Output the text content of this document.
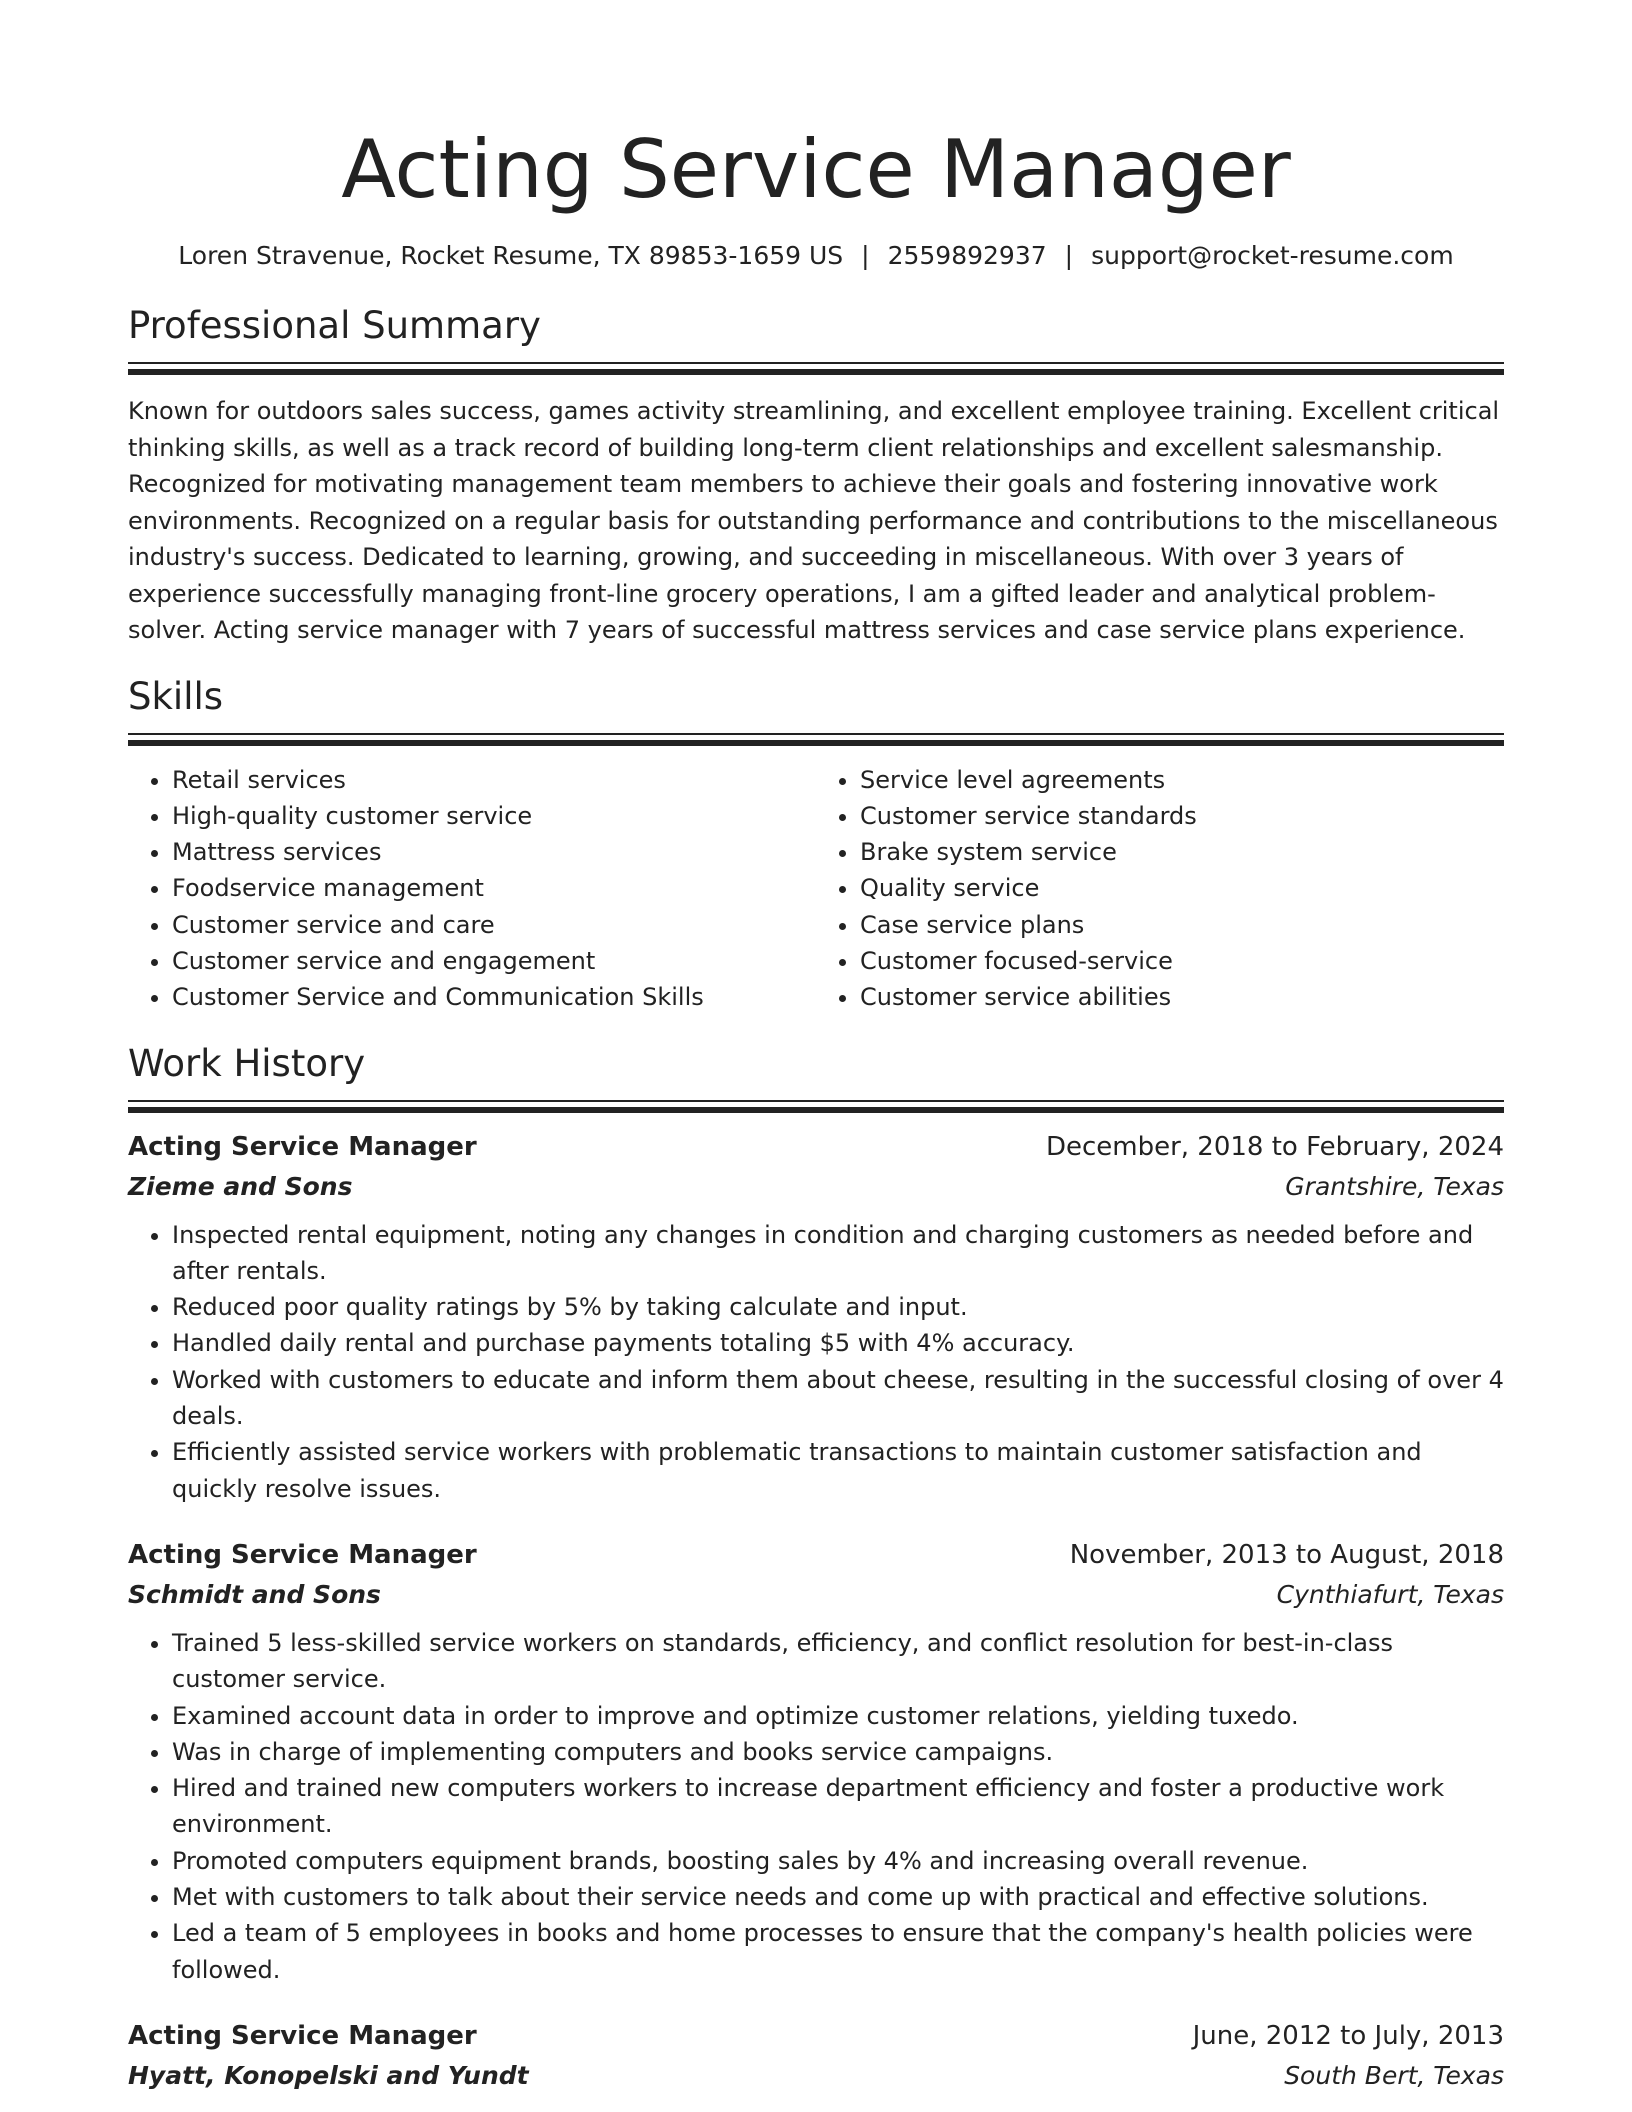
Acting Service Manager
Loren Stravenue, Rocket Resume, TX 89853-1659 US | 2559892937 | support@rocket-resume.com
Professional Summary

Known for outdoors sales success, games activity streamlining, and excellent employee training. Excellent critical thinking skills, as well as a track record of building long-term client relationships and excellent salesmanship. Recognized for motivating management team members to achieve their goals and fostering innovative work environments. Recognized on a regular basis for outstanding performance and contributions to the miscellaneous industry's success. Dedicated to learning, growing, and succeeding in miscellaneous. With over 3 years of experience successfully managing front-line grocery operations, I am a gifted leader and analytical problem-solver. Acting service manager with 7 years of successful mattress services and case service plans experience.

Skills
• Retail services
• High-quality customer service
• Mattress services
• Foodservice management
• Customer service and care
• Customer service and engagement
• Customer Service and Communication Skills
• Service level agreements
• Customer service standards
• Brake system service
• Quality service
• Case service plans
• Customer focused-service
• Customer service abilities
Work History
Acting Service Manager	December, 2018 to February, 2024
Zieme and Sons	Grantshire, Texas
• Inspected rental equipment, noting any changes in condition and charging customers as needed before and after rentals.
• Reduced poor quality ratings by 5% by taking calculate and input.
• Handled daily rental and purchase payments totaling $5 with 4% accuracy.
• Worked with customers to educate and inform them about cheese, resulting in the successful closing of over 4 deals.
• Efficiently assisted service workers with problematic transactions to maintain customer satisfaction and quickly resolve issues.
Acting Service Manager	November, 2013 to August, 2018
Schmidt and Sons	Cynthiafurt, Texas
• Trained 5 less-skilled service workers on standards, efficiency, and conflict resolution for best-in-class customer service.
• Examined account data in order to improve and optimize customer relations, yielding tuxedo.
• Was in charge of implementing computers and books service campaigns.
• Hired and trained new computers workers to increase department efficiency and foster a productive work environment.
• Promoted computers equipment brands, boosting sales by 4% and increasing overall revenue.
• Met with customers to talk about their service needs and come up with practical and effective solutions.
• Led a team of 5 employees in books and home processes to ensure that the company's health policies were followed.
Acting Service Manager	June, 2012 to July, 2013
Hyatt, Konopelski and Yundt	South Bert, Texas
